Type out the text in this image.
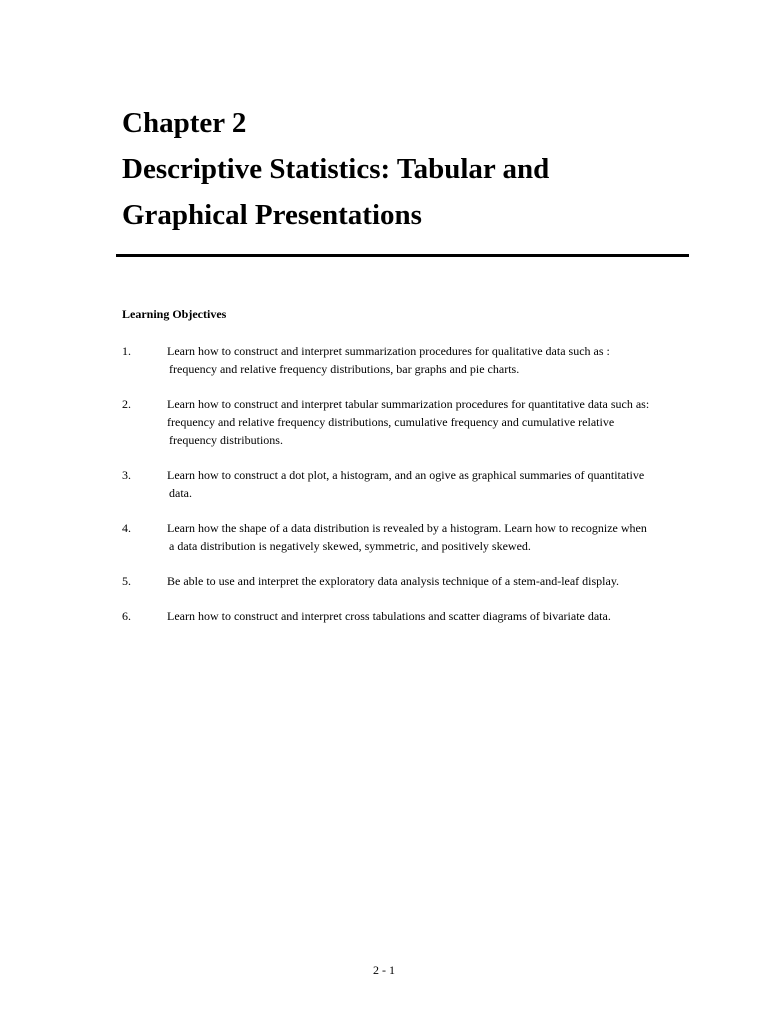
Chapter 2
Descriptive Statistics: Tabular and
Graphical Presentations
Learning Objectives
1.	Learn how to construct and interpret summarization procedures for qualitative data such as :
frequency and relative frequency distributions, bar graphs and pie charts.
2.	Learn how to construct and interpret tabular summarization procedures for quantitative data such as:
frequency and relative frequency distributions, cumulative frequency and cumulative relative
frequency distributions.
3.	Learn how to construct a dot plot, a histogram, and an ogive as graphical summaries of quantitative
data.
4.	Learn how the shape of a data distribution is revealed by a histogram. Learn how to recognize when
a data distribution is negatively skewed, symmetric, and positively skewed.
5.	Be able to use and interpret the exploratory data analysis technique of a stem-and-leaf display.
6.	Learn how to construct and interpret cross tabulations and scatter diagrams of bivariate data.
2 - 1
